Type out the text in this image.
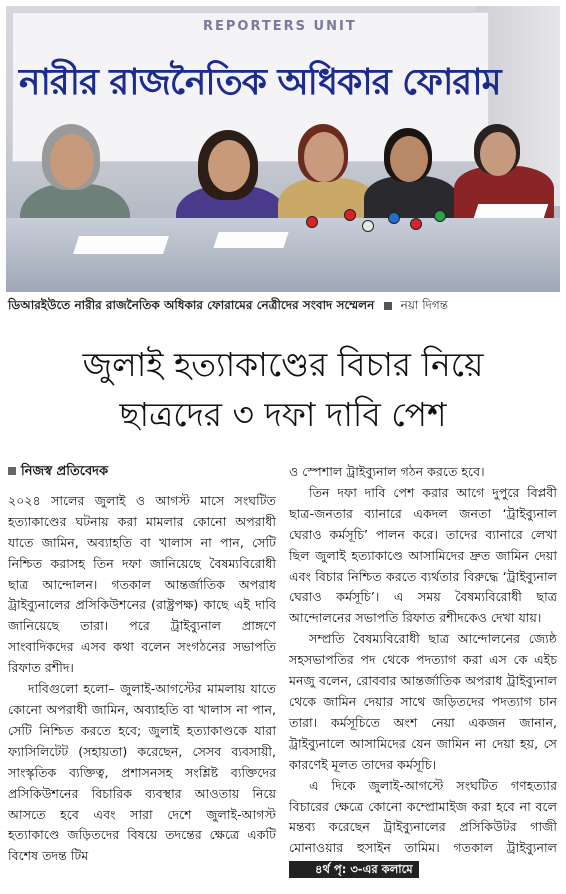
REPORTERS UNIT
নারীর রাজনৈতিক অধিকার ফোরাম
ডিআরইউতে নারীর রাজনৈতিক অধিকার ফোরামের নেত্রীদের সংবাদ সম্মেলন নয়া দিগন্ত
জুলাই হত্যাকাণ্ডের বিচার নিয়ে
ছাত্রদের ৩ দফা দাবি পেশ

নিজস্ব প্রতিবেদক

২০২৪ সালের জুলাই ও আগস্ট মাসে সংঘটিত হত্যাকাণ্ডের ঘটনায় করা মামলার কোনো অপরাধী যাতে জামিন, অব্যাহতি বা খালাস না পান, সেটি নিশ্চিত করাসহ তিন দফা জানিয়েছে বৈষম্যবিরোধী ছাত্র আন্দোলন। গতকাল আন্তর্জাতিক অপরাধ ট্রাইব্যুনালের প্রসিকিউশনের (রাষ্ট্রপক্ষ) কাছে এই দাবি জানিয়েছে তারা। পরে ট্রাইব্যুনাল প্রাঙ্গণে সাংবাদিকদের এসব কথা বলেন সংগঠনের সভাপতি রিফাত রশীদ।

দাবিগুলো হলো– জুলাই-আগস্টের মামলায় যাতে কোনো অপরাধী জামিন, অব্যাহতি বা খালাস না পান, সেটি নিশ্চিত করতে হবে; জুলাই হত্যাকাণ্ডকে যারা ফ্যাসিলিটেট (সহায়তা) করেছেন, সেসব ব্যবসায়ী, সাংস্কৃতিক ব্যক্তিত্ব, প্রশাসনসহ সংশ্লিষ্ট ব্যক্তিদের প্রসিকিউশনের বিচারিক ব্যবস্থার আওতায় নিয়ে আসতে হবে এবং সারা দেশে জুলাই-আগস্ট হত্যাকাণ্ডে জড়িতদের বিষয়ে তদন্তের ক্ষেত্রে একটি বিশেষ তদন্ত টিম

ও স্পেশাল ট্রাইব্যুনাল গঠন করতে হবে।

তিন দফা দাবি পেশ করার আগে দুপুরে বিপ্লবী ছাত্র-জনতার ব্যানারে একদল জনতা ‘ট্রাইব্যুনাল ঘেরাও কর্মসূচি’ পালন করে। তাদের ব্যানারে লেখা ছিল জুলাই হত্যাকাণ্ডে আসামিদের দ্রুত জামিন দেয়া এবং বিচার নিশ্চিত করতে ব্যর্থতার বিরুদ্ধে ‘ট্রাইব্যুনাল ঘেরাও কর্মসূচি’। এ সময় বৈষম্যবিরোধী ছাত্র আন্দোলনের সভাপতি রিফাত রশীদকেও দেখা যায়।

সম্প্রতি বৈষম্যবিরোধী ছাত্র আন্দোলনের জ্যেষ্ঠ সহসভাপতির পদ থেকে পদত্যাগ করা এস কে এইচ মনজু বলেন, রোববার আন্তর্জাতিক অপরাধ ট্রাইব্যুনাল থেকে জামিন দেয়ার সাথে জড়িতদের পদত্যাগ চান তারা। কর্মসূচিতে অংশ নেয়া একজন জানান, ট্রাইব্যুনালে আসামিদের যেন জামিন না দেয়া হয়, সে কারণেই মূলত তাদের কর্মসূচি।

এ দিকে জুলাই-আগস্টে সংঘটিত গণহত্যার বিচারের ক্ষেত্রে কোনো কম্প্রোমাইজ করা হবে না বলে মন্তব্য করেছেন ট্রাইব্যুনালের প্রসিকিউটর গাজী মোনাওয়ার হুসাইন তামিম। গতকাল ট্রাইব্যুনাল ৪র্থ পৃ: ৩-এর কলামে
